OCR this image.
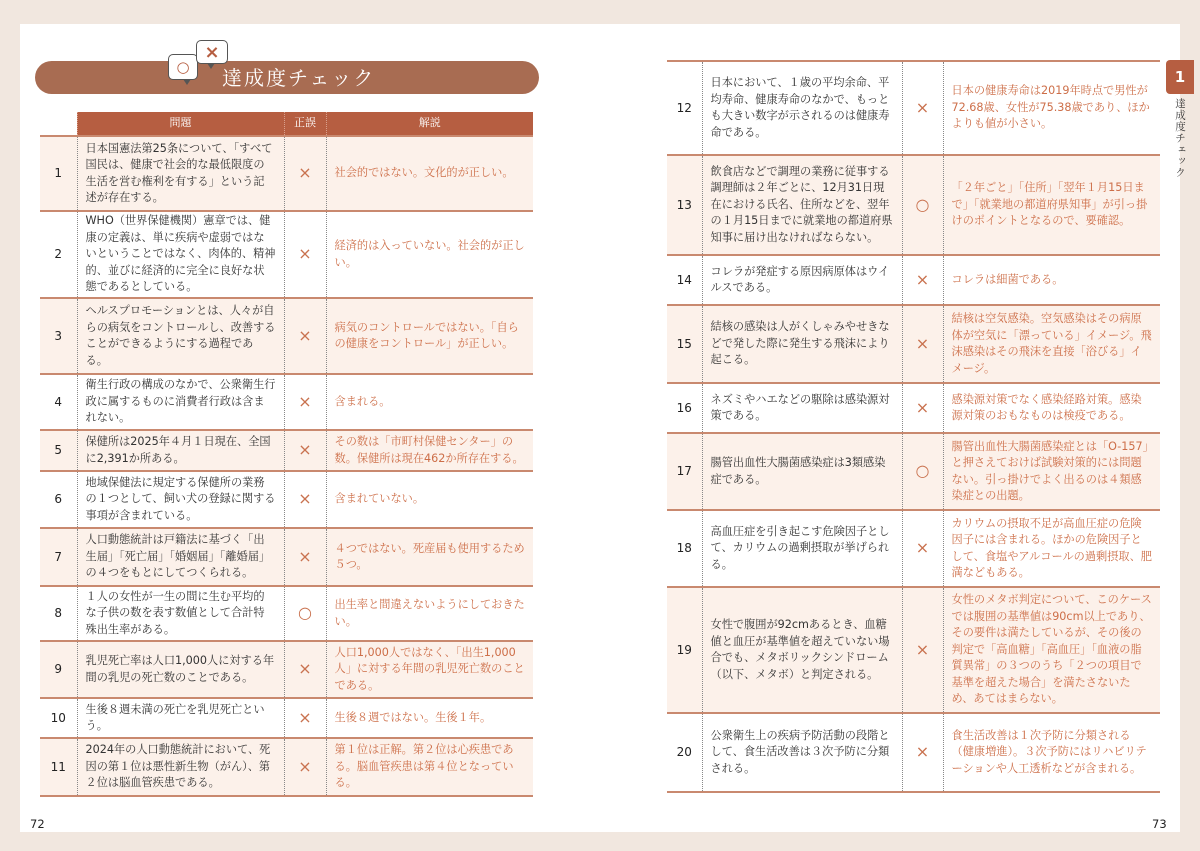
○
×
達成度チェック
	問題	正誤	解説
1	日本国憲法第25条について、「すべて国民は、健康で社会的な最低限度の生活を営む権利を有する」という記述が存在する。	×	社会的ではない。文化的が正しい。
2	WHO（世界保健機関）憲章では、健康の定義は、単に疾病や虚弱ではないということではなく、肉体的、精神的、並びに経済的に完全に良好な状態であるとしている。	×	経済的は入っていない。社会的が正しい。
3	ヘルスプロモーションとは、人々が自らの病気をコントロールし、改善することができるようにする過程である。	×	病気のコントロールではない。「自らの健康をコントロール」が正しい。
4	衛生行政の構成のなかで、公衆衛生行政に属するものに消費者行政は含まれない。	×	含まれる。
5	保健所は2025年４月１日現在、全国に2,391か所ある。	×	その数は「市町村保健センター」の数。保健所は現在462か所存在する。
6	地域保健法に規定する保健所の業務の１つとして、飼い犬の登録に関する事項が含まれている。	×	含まれていない。
7	人口動態統計は戸籍法に基づく「出生届」「死亡届」「婚姻届」「離婚届」の４つをもとにしてつくられる。	×	４つではない。死産届も使用するため５つ。
8	１人の女性が一生の間に生む平均的な子供の数を表す数値として合計特殊出生率がある。	○	出生率と間違えないようにしておきたい。
9	乳児死亡率は人口1,000人に対する年間の乳児の死亡数のことである。	×	人口1,000人ではなく、「出生1,000人」に対する年間の乳児死亡数のことである。
10	生後８週未満の死亡を乳児死亡という。	×	生後８週ではない。生後１年。
11	2024年の人口動態統計において、死因の第１位は悪性新生物（がん）、第２位は脳血管疾患である。	×	第１位は正解。第２位は心疾患である。脳血管疾患は第４位となっている。
12	日本において、１歳の平均余命、平均寿命、健康寿命のなかで、もっとも大きい数字が示されるのは健康寿命である。	×	日本の健康寿命は2019年時点で男性が72.68歳、女性が75.38歳であり、ほかよりも値が小さい。
13	飲食店などで調理の業務に従事する調理師は２年ごとに、12月31日現在における氏名、住所などを、翌年の１月15日までに就業地の都道府県知事に届け出なければならない。	○	「２年ごと」「住所」「翌年１月15日まで」「就業地の都道府県知事」が引っ掛けのポイントとなるので、要確認。
14	コレラが発症する原因病原体はウイルスである。	×	コレラは細菌である。
15	結核の感染は人がくしゃみやせきなどで発した際に発生する飛沫により起こる。	×	結核は空気感染。空気感染はその病原体が空気に「漂っている」イメージ。飛沫感染はその飛沫を直接「浴びる」イメージ。
16	ネズミやハエなどの駆除は感染源対策である。	×	感染源対策でなく感染経路対策。感染源対策のおもなものは検疫である。
17	腸管出血性大腸菌感染症は3類感染症である。	○	腸管出血性大腸菌感染症とは「O-157」と押さえておけば試験対策的には問題ない。引っ掛けでよく出るのは４類感染症との出題。
18	高血圧症を引き起こす危険因子として、カリウムの過剰摂取が挙げられる。	×	カリウムの摂取不足が高血圧症の危険因子には含まれる。ほかの危険因子として、食塩やアルコールの過剰摂取、肥満などもある。
19	女性で腹囲が92cmあるとき、血糖値と血圧が基準値を超えていない場合でも、メタボリックシンドローム（以下、メタボ）と判定される。	×	女性のメタボ判定について、このケースでは腹囲の基準値は90cm以上であり、その要件は満たしているが、その後の判定で「高血糖」「高血圧」「血液の脂質異常」の３つのうち「２つの項目で基準を超えた場合」を満たさないため、あてはまらない。
20	公衆衛生上の疾病予防活動の段階として、食生活改善は３次予防に分類される。	×	食生活改善は１次予防に分類される（健康増進）。３次予防にはリハビリテーションや人工透析などが含まれる。
1
達成度チェック
72	73
